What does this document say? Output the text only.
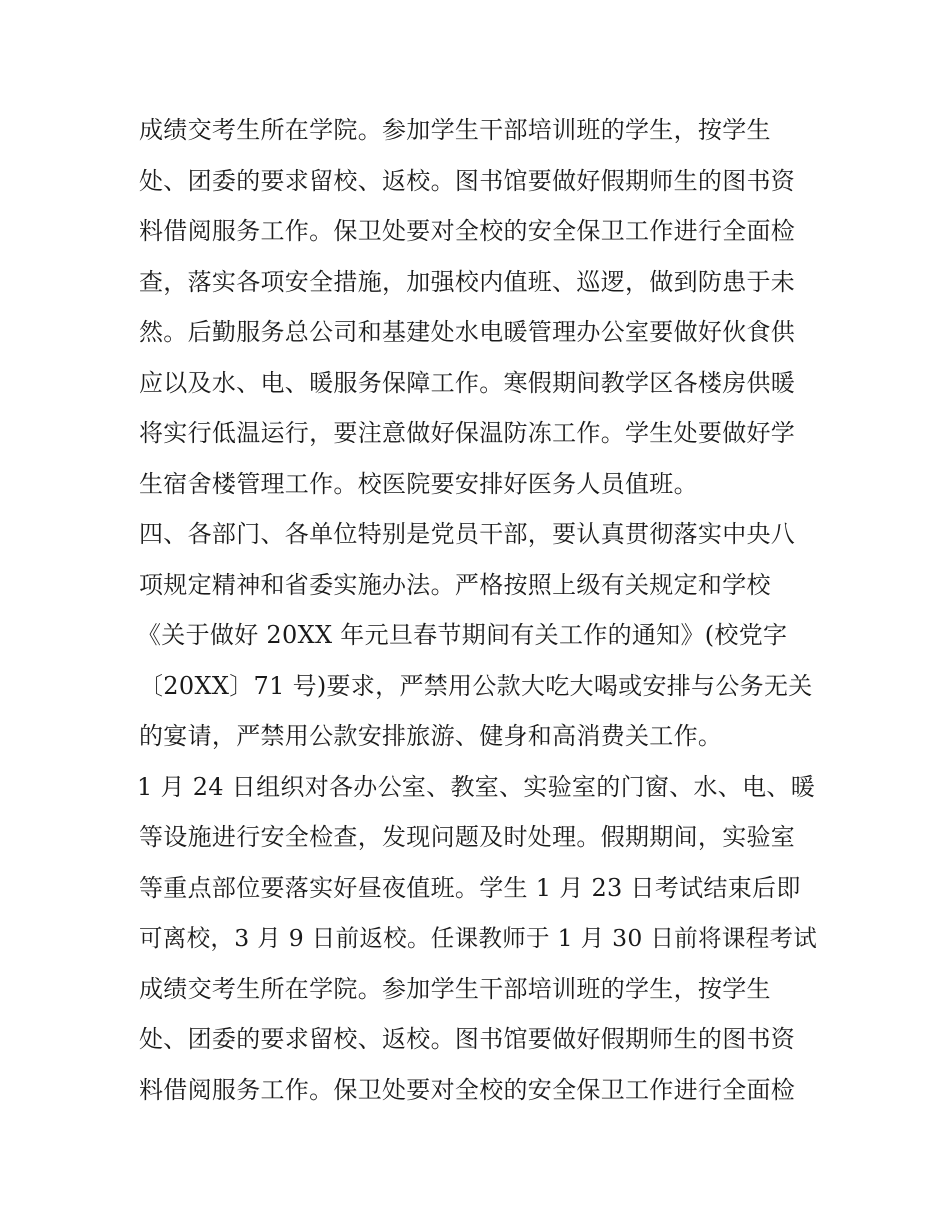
成绩交考生所在学院。参加学生干部培训班的学生，按学生
处、团委的要求留校、返校。图书馆要做好假期师生的图书资
料借阅服务工作。保卫处要对全校的安全保卫工作进行全面检
查，落实各项安全措施，加强校内值班、巡逻，做到防患于未
然。后勤服务总公司和基建处水电暖管理办公室要做好伙食供
应以及水、电、暖服务保障工作。寒假期间教学区各楼房供暖
将实行低温运行，要注意做好保温防冻工作。学生处要做好学
生宿舍楼管理工作。校医院要安排好医务人员值班。
四、各部门、各单位特别是党员干部，要认真贯彻落实中央八
项规定精神和省委实施办法。严格按照上级有关规定和学校
《关于做好 20XX 年元旦春节期间有关工作的通知》(校党字
〔20XX〕71 号)要求，严禁用公款大吃大喝或安排与公务无关
的宴请，严禁用公款安排旅游、健身和高消费关工作。
1 月 24 日组织对各办公室、教室、实验室的门窗、水、电、暖
等设施进行安全检查，发现问题及时处理。假期期间，实验室
等重点部位要落实好昼夜值班。学生 1 月 23 日考试结束后即
可离校，3 月 9 日前返校。任课教师于 1 月 30 日前将课程考试
成绩交考生所在学院。参加学生干部培训班的学生，按学生
处、团委的要求留校、返校。图书馆要做好假期师生的图书资
料借阅服务工作。保卫处要对全校的安全保卫工作进行全面检
